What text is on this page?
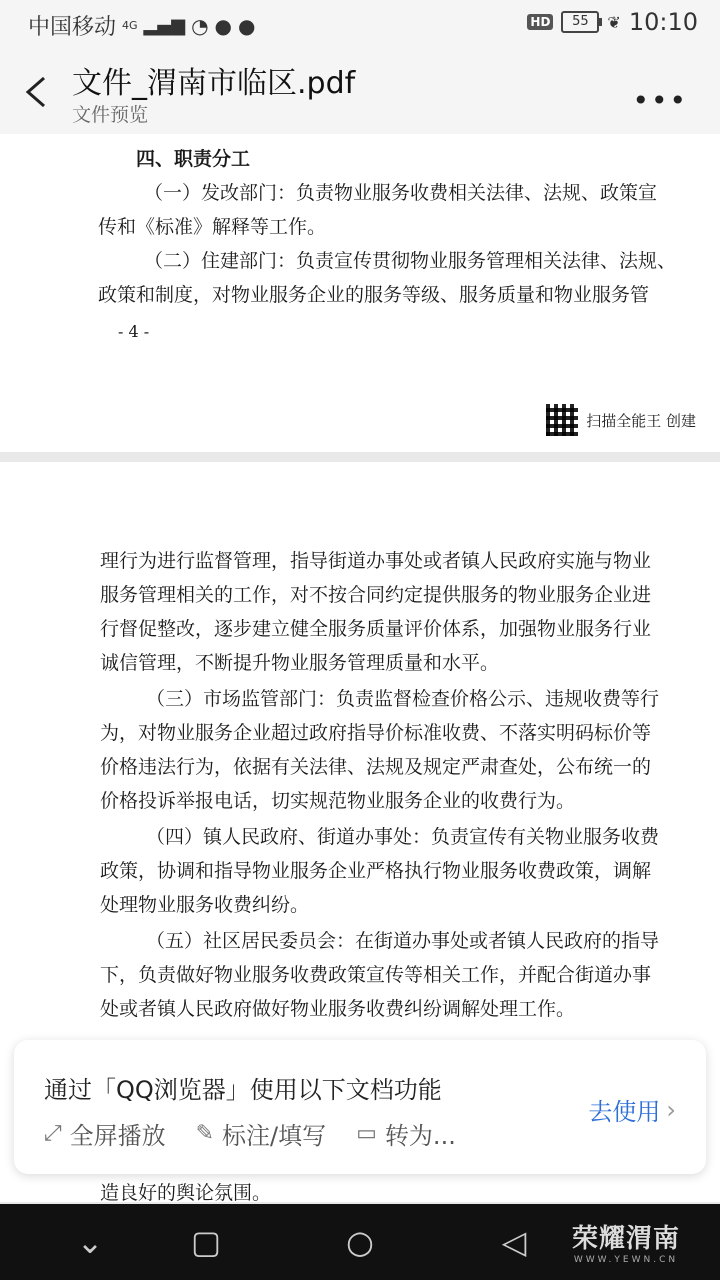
中国移动 4G ▂▄▆ ◔ ● ●	HD	55	❦ 10:10
文件_渭南市临区.pdf
文件预览	•••
四、职责分工
（一）发改部门：负责物业服务收费相关法律、法规、政策宣
传和《标准》解释等工作。
（二）住建部门：负责宣传贯彻物业服务管理相关法律、法规、
政策和制度，对物业服务企业的服务等级、服务质量和物业服务管
- 4 -
扫描全能王 创建
理行为进行监督管理，指导街道办事处或者镇人民政府实施与物业
服务管理相关的工作，对不按合同约定提供服务的物业服务企业进
行督促整改，逐步建立健全服务质量评价体系，加强物业服务行业
诚信管理，不断提升物业服务管理质量和水平。
（三）市场监管部门：负责监督检查价格公示、违规收费等行
为，对物业服务企业超过政府指导价标准收费、不落实明码标价等
价格违法行为，依据有关法律、法规及规定严肃查处，公布统一的
价格投诉举报电话，切实规范物业服务企业的收费行为。
（四）镇人民政府、街道办事处：负责宣传有关物业服务收费
政策，协调和指导物业服务企业严格执行物业服务收费政策，调解
处理物业服务收费纠纷。
（五）社区居民委员会：在街道办事处或者镇人民政府的指导
下，负责做好物业服务收费政策宣传等相关工作，并配合街道办事
处或者镇人民政府做好物业服务收费纠纷调解处理工作。
造良好的舆论氛围。
通过「QQ浏览器」使用以下文档功能
⤢ 全屏播放 ✎ 标注/填写 ▭ 转为...
去使用 ›
⌄	▢	○	◁ 荣耀渭南
WWW.YEWN.CN
